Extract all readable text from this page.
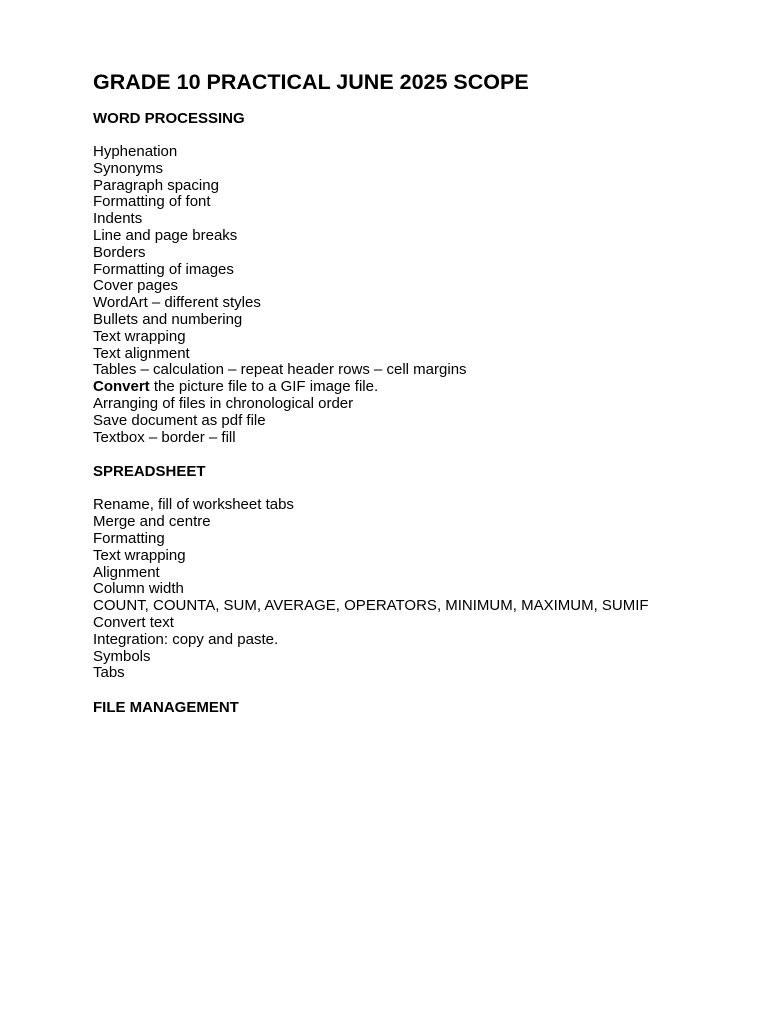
GRADE 10 PRACTICAL JUNE 2025 SCOPE
WORD PROCESSING
Hyphenation
Synonyms
Paragraph spacing
Formatting of font
Indents
Line and page breaks
Borders
Formatting of images
Cover pages
WordArt – different styles
Bullets and numbering
Text wrapping
Text alignment
Tables – calculation – repeat header rows – cell margins
Convert the picture file to a GIF image file.
Arranging of files in chronological order
Save document as pdf file
Textbox – border – fill
SPREADSHEET
Rename, fill of worksheet tabs
Merge and centre
Formatting
Text wrapping
Alignment
Column width
COUNT, COUNTA, SUM, AVERAGE, OPERATORS, MINIMUM, MAXIMUM, SUMIF
Convert text
Integration: copy and paste.
Symbols
Tabs
FILE MANAGEMENT
